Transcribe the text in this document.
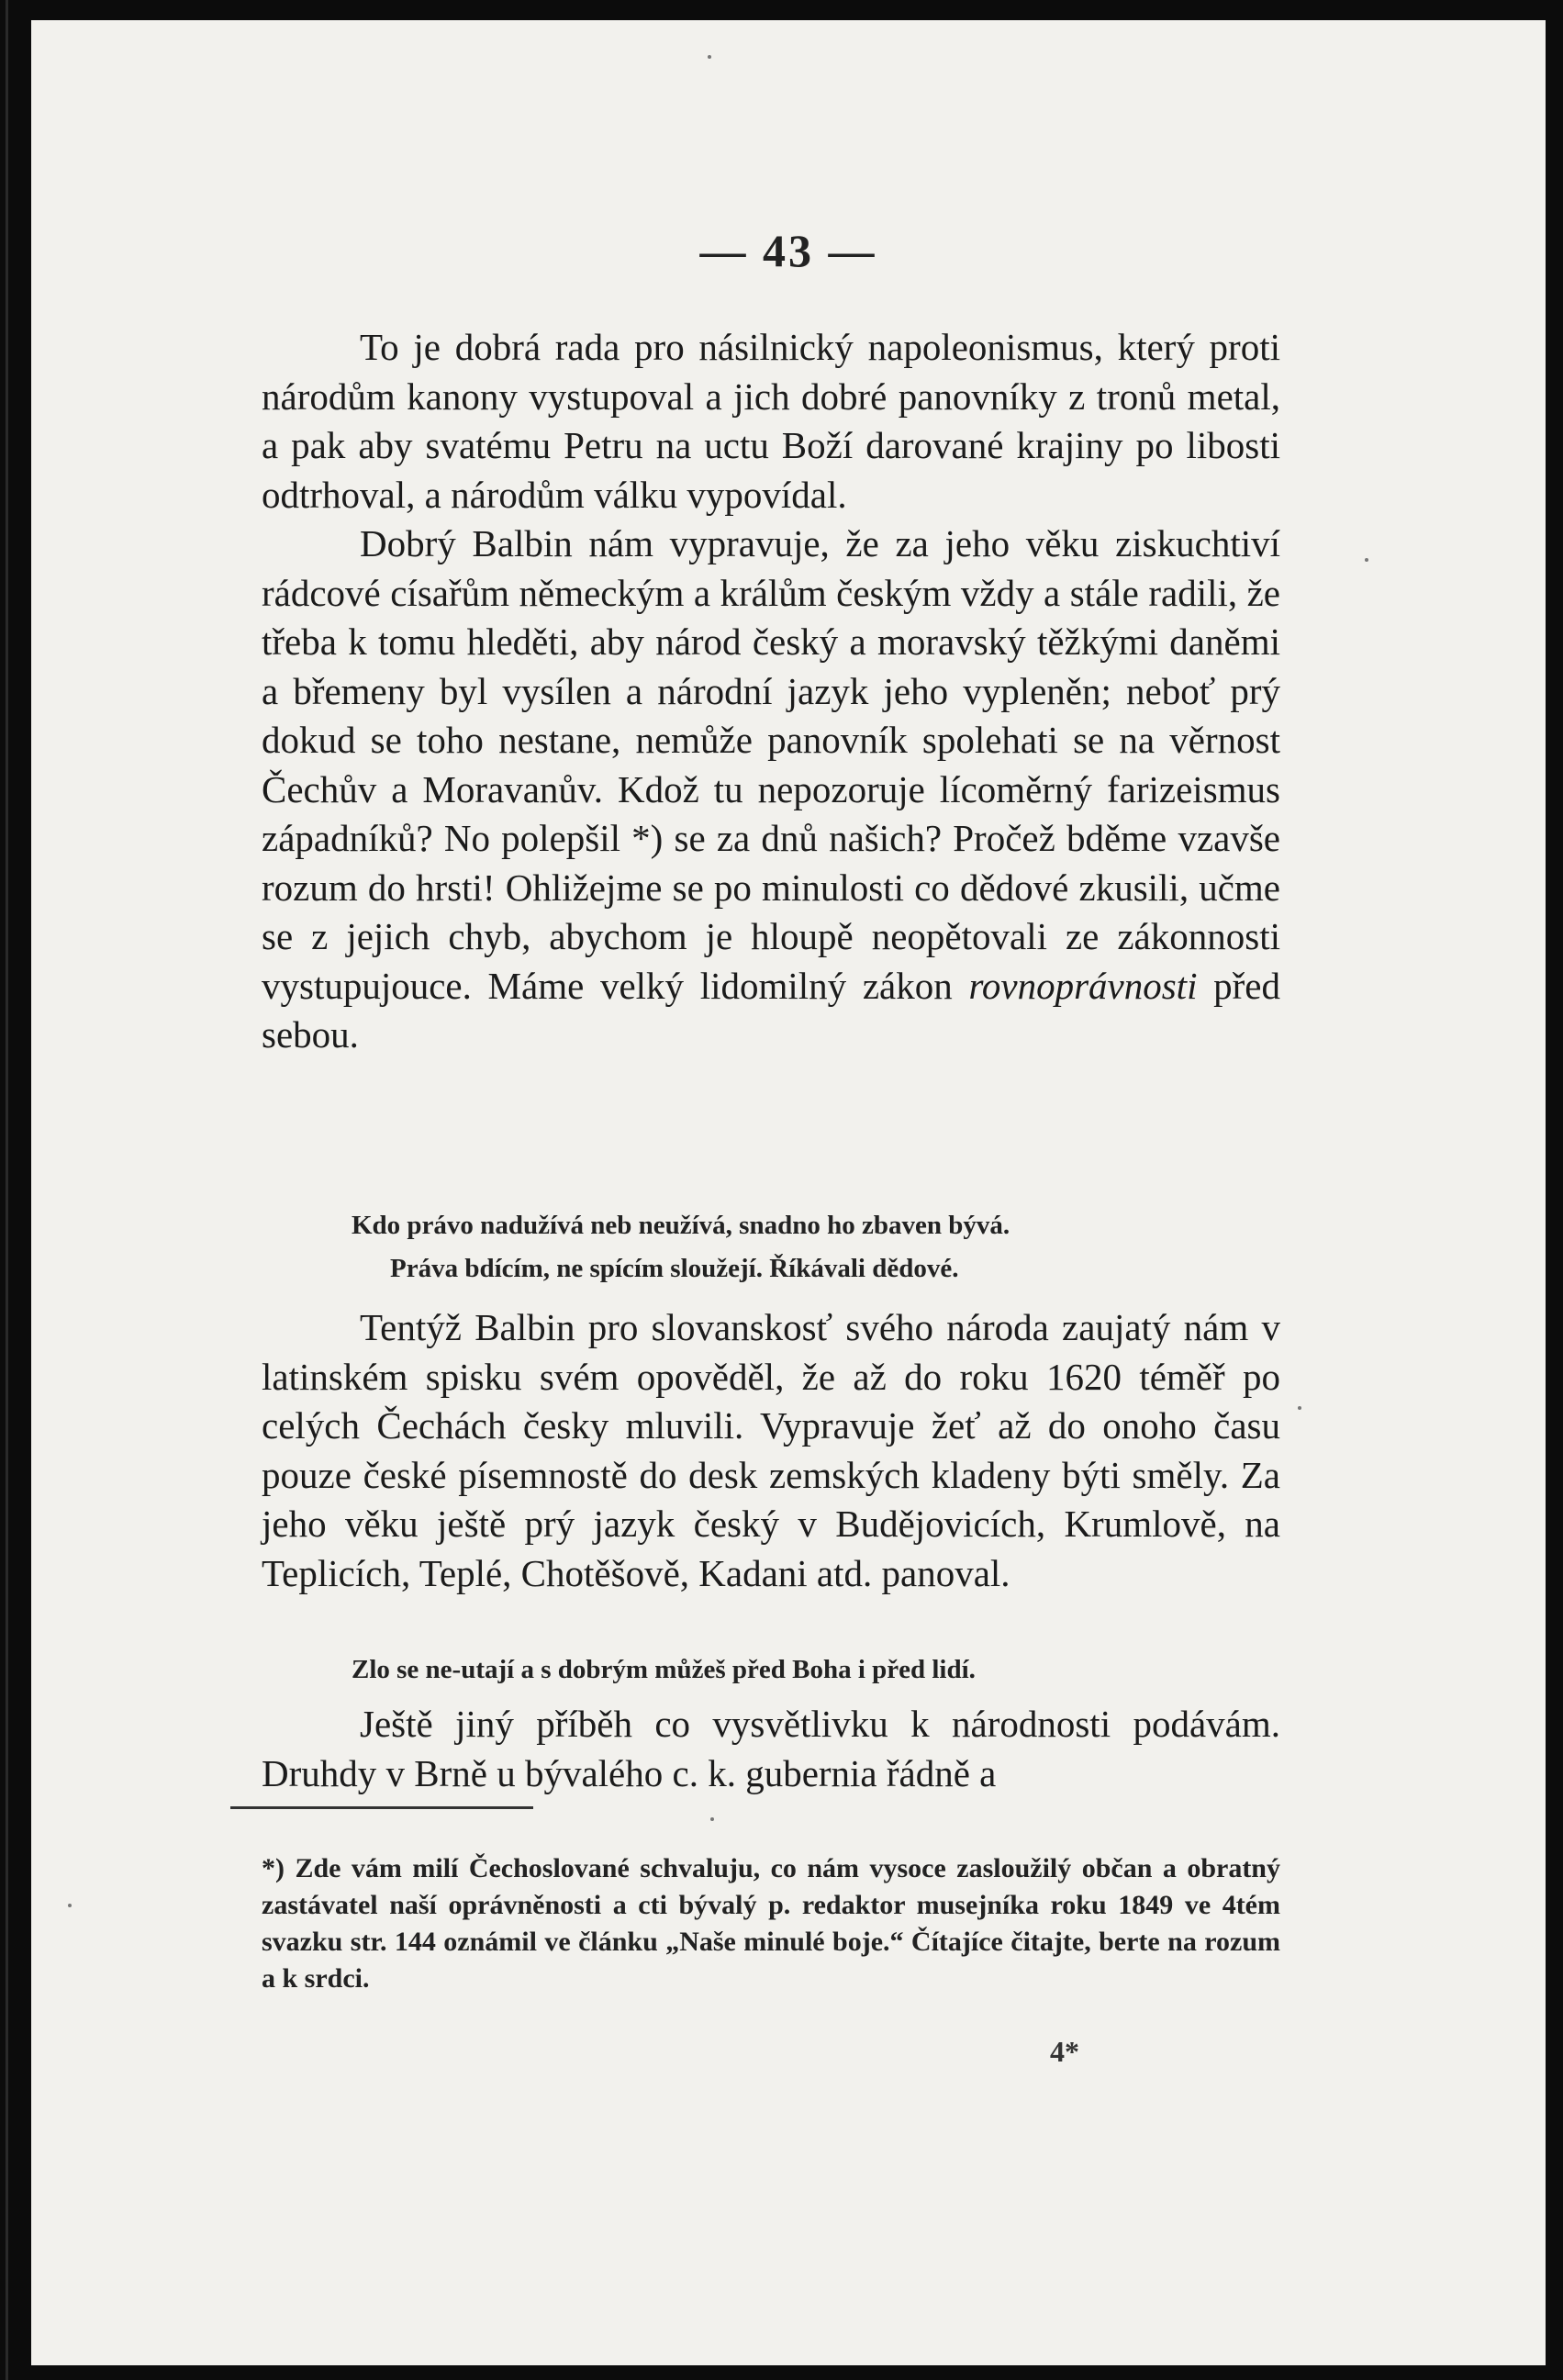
— 43 —

To je dobrá rada pro násilnický napoleonismus, který proti národům kanony vystupoval a jich dobré panovníky z tronů metal, a pak aby svatému Petru na uctu Boží darované krajiny po libosti odtrhoval, a národům válku vypovídal.

Dobrý Balbin nám vypravuje, že za jeho věku ziskuchtiví rádcové císařům německým a králům českým vždy a stále radili, že třeba k tomu hleděti, aby národ český a moravský těžkými daněmi a břemeny byl vysílen a národní jazyk jeho vypleněn; neboť prý dokud se toho nestane, nemůže panovník spolehati se na věrnost Čechův a Moravanův. Kdož tu nepozoruje lícoměrný farizeismus západníků? No polepšil *) se za dnů našich? Pročež bděme vzavše rozum do hrsti! Ohližejme se po minulosti co dědové zkusili, učme se z jejich chyb, abychom je hloupě neopětovali ze zákonnosti vystupujouce. Máme velký lidomilný zákon rovnoprávnosti před sebou.

Kdo právo nadužívá neb neužívá, snadno ho zbaven bývá.

Práva bdícím, ne spícím sloužejí. Říkávali dědové.

Tentýž Balbin pro slovanskosť svého národa zaujatý nám v latinském spisku svém opověděl, že až do roku 1620 téměř po celých Čechách česky mluvili. Vypravuje žeť až do onoho času pouze české písemnostě do desk zemských kladeny býti směly. Za jeho věku ještě prý jazyk český v Budějovicích, Krumlově, na Teplicích, Teplé, Chotěšově, Kadani atd. panoval.

Zlo se ne-utají a s dobrým můžeš před Boha i před lidí.

Ještě jiný příběh co vysvětlivku k národnosti podávám. Druhdy v Brně u bývalého c. k. gubernia řádně a

*) Zde vám milí Čechoslované schvaluju, co nám vysoce zasloužilý občan a obratný zastávatel naší oprávněnosti a cti bývalý p. redaktor musejníka roku 1849 ve 4tém svazku str. 144 oznámil ve článku „Naše minulé boje.“ Čítajíce čitajte, berte na rozum a k srdci.

4*
